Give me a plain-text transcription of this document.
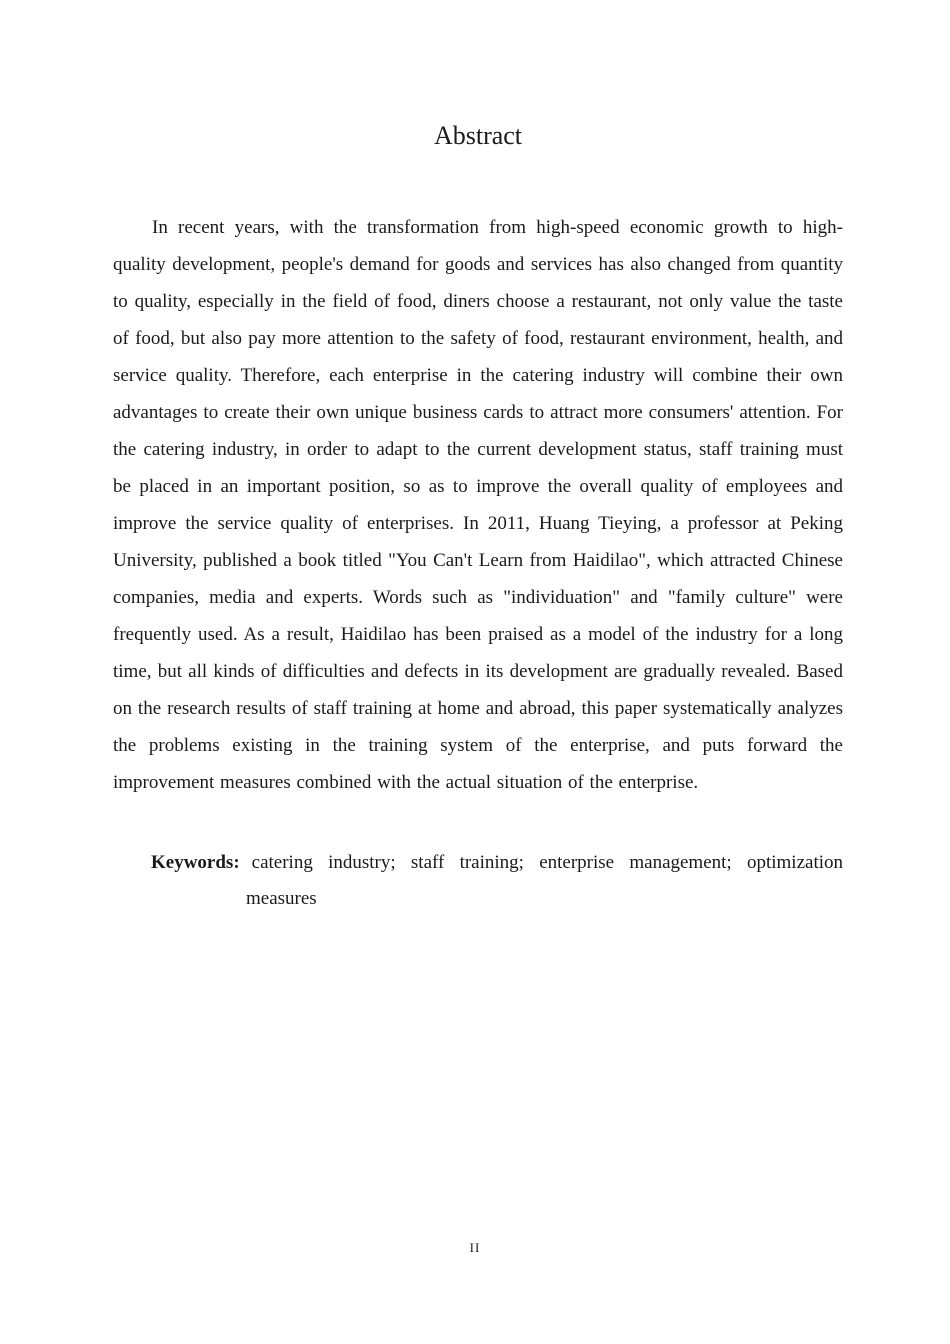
Abstract

In recent years, with the transformation from high-speed economic growth to high-quality development, people's demand for goods and services has also changed from quantity to quality, especially in the field of food, diners choose a restaurant, not only value the taste of food, but also pay more attention to the safety of food, restaurant environment, health, and service quality. Therefore, each enterprise in the catering industry will combine their own advantages to create their own unique business cards to attract more consumers' attention. For the catering industry, in order to adapt to the current development status, staff training must be placed in an important position, so as to improve the overall quality of employees and improve the service quality of enterprises. In 2011, Huang Tieying, a professor at Peking University, published a book titled "You Can't Learn from Haidilao", which attracted Chinese companies, media and experts. Words such as "individuation" and "family culture" were frequently used. As a result, Haidilao has been praised as a model of the industry for a long time, but all kinds of difficulties and defects in its development are gradually revealed. Based on the research results of staff training at home and abroad, this paper systematically analyzes the problems existing in the training system of the enterprise, and puts forward the improvement measures combined with the actual situation of the enterprise.

Keywords: catering industry; staff training; enterprise management; optimization measures

II
